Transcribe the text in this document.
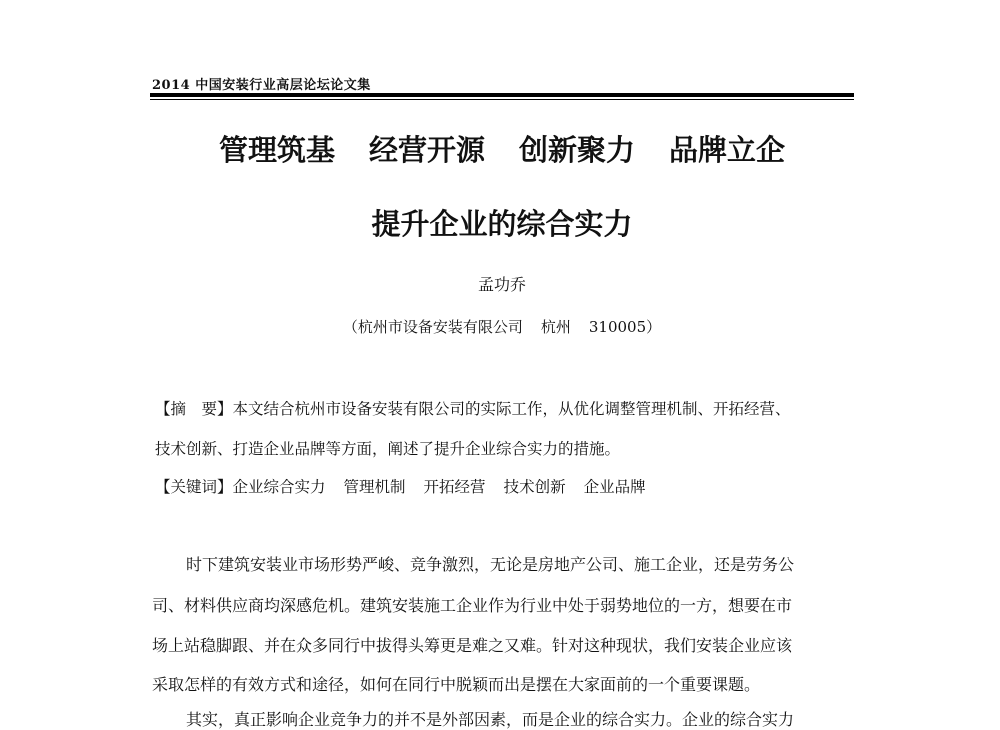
2014 中国安装行业高层论坛论文集
管理筑基 经营开源 创新聚力 品牌立企
提升企业的综合实力
孟功乔
（杭州市设备安装有限公司 杭州 310005）
【摘　要】本文结合杭州市设备安装有限公司的实际工作，从优化调整管理机制、开拓经营、
技术创新、打造企业品牌等方面，阐述了提升企业综合实力的措施。
【关键词】企业综合实力 管理机制 开拓经营 技术创新 企业品牌
时下建筑安装业市场形势严峻、竞争激烈，无论是房地产公司、施工企业，还是劳务公
司、材料供应商均深感危机。建筑安装施工企业作为行业中处于弱势地位的一方，想要在市
场上站稳脚跟、并在众多同行中拔得头筹更是难之又难。针对这种现状，我们安装企业应该
采取怎样的有效方式和途径，如何在同行中脱颖而出是摆在大家面前的一个重要课题。
其实，真正影响企业竞争力的并不是外部因素，而是企业的综合实力。企业的综合实力
